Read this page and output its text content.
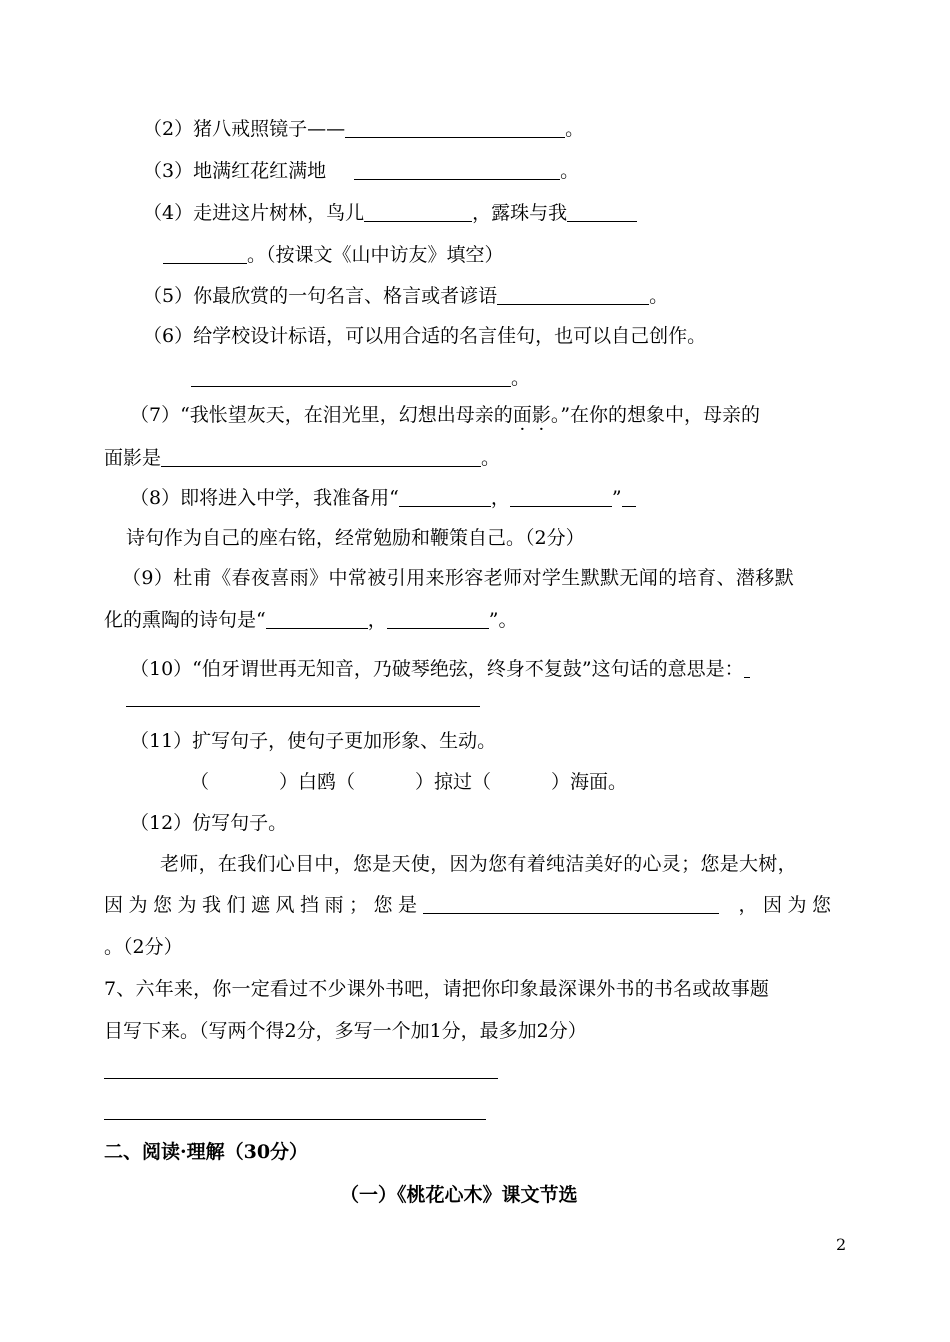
（2）猪八戒照镜子——	。
（3）地满红花红满地	。
（4）走进这片树林，鸟儿	，露珠与我
。（按课文《山中访友》填空）
（5）你最欣赏的一句名言、格言或者谚语	。
（6）给学校设计标语，可以用合适的名言佳句，也可以自己创作。
。
（7）“我怅望灰天，在泪光里，幻想出母亲的面影。”在你的想象中，母亲的
面影是	。
（8）即将进入中学，我准备用“	，	”
诗句作为自己的座右铭，经常勉励和鞭策自己。（2分）
（9）杜甫《春夜喜雨》中常被引用来形容老师对学生默默无闻的培育、潜移默
化的熏陶的诗句是“	，	”。
（10）“伯牙谓世再无知音，乃破琴绝弦，终身不复鼓”这句话的意思是：
（11）扩写句子，使句子更加形象、生动。
（	）白鸥（	）掠过（	）海面。
（12）仿写句子。
老师，在我们心目中，您是天使，因为您有着纯洁美好的心灵；您是大树，
因为您为我们遮风挡雨；您是	，因为您
。（2分）
7、六年来，你一定看过不少课外书吧，请把你印象最深课外书的书名或故事题
目写下来。（写两个得2分，多写一个加1分，最多加2分）
二、阅读·理解（30分）
（一）《桃花心木》课文节选
2
